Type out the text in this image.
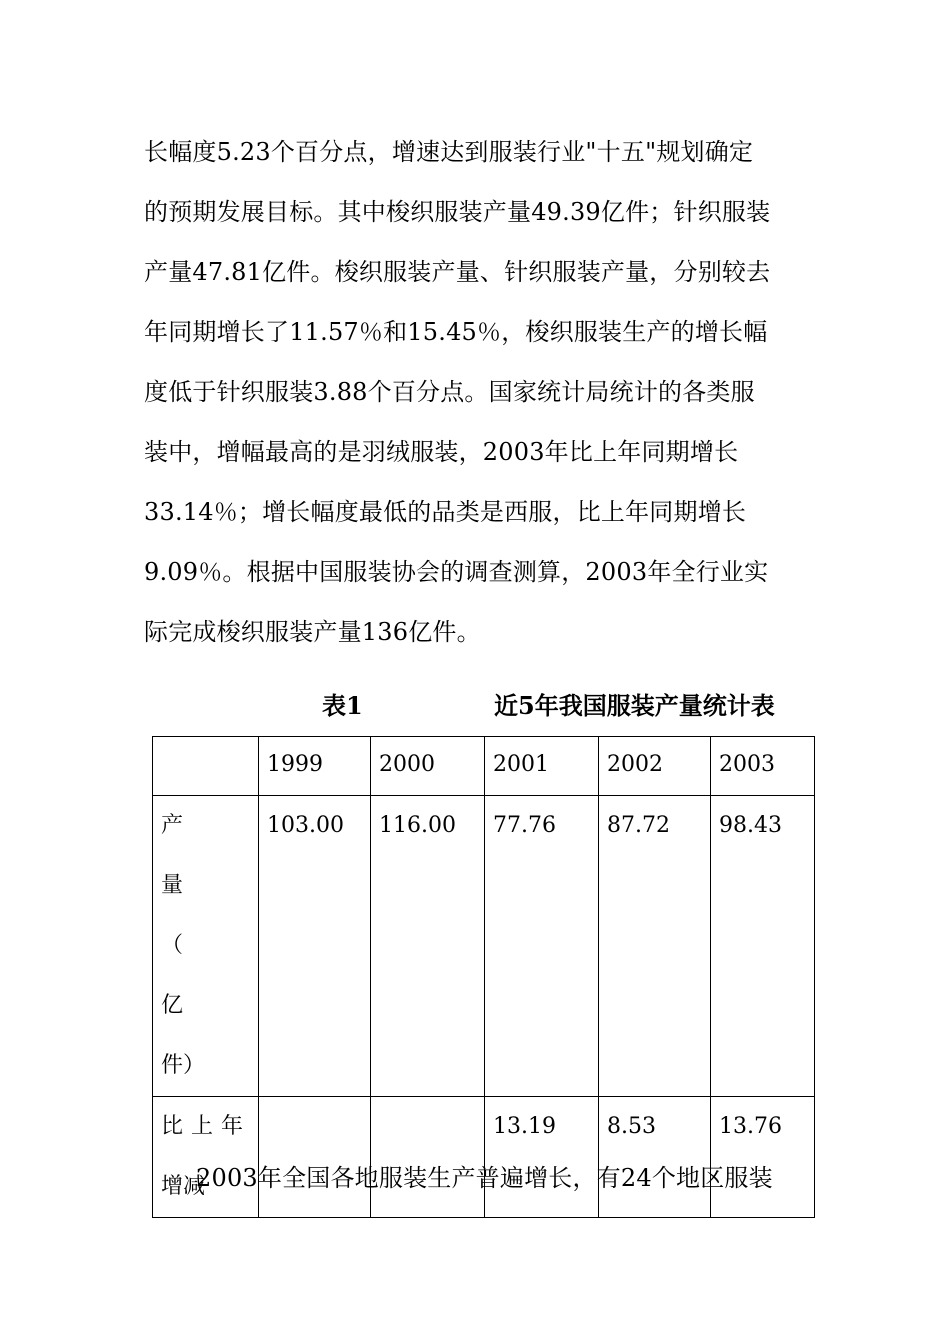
长幅度5.23个百分点，增速达到服装行业"十五"规划确定
的预期发展目标。其中梭织服装产量49.39亿件；针织服装
产量47.81亿件。梭织服装产量、针织服装产量，分别较去
年同期增长了11.57％和15.45％，梭织服装生产的增长幅
度低于针织服装3.88个百分点。国家统计局统计的各类服
装中，增幅最高的是羽绒服装，2003年比上年同期增长
33.14％；增长幅度最低的品类是西服，比上年同期增长
9.09％。根据中国服装协会的调查测算，2003年全行业实
际完成梭织服装产量136亿件。
表1	近5年我国服装产量统计表
	1999	2000	2001	2002	2003

产　　量
（　　亿
件）	103.00	116.00	77.76	87.72	98.43

比上年
增减			13.19	8.53	13.76
2003年全国各地服装生产普遍增长，有24个地区服装
